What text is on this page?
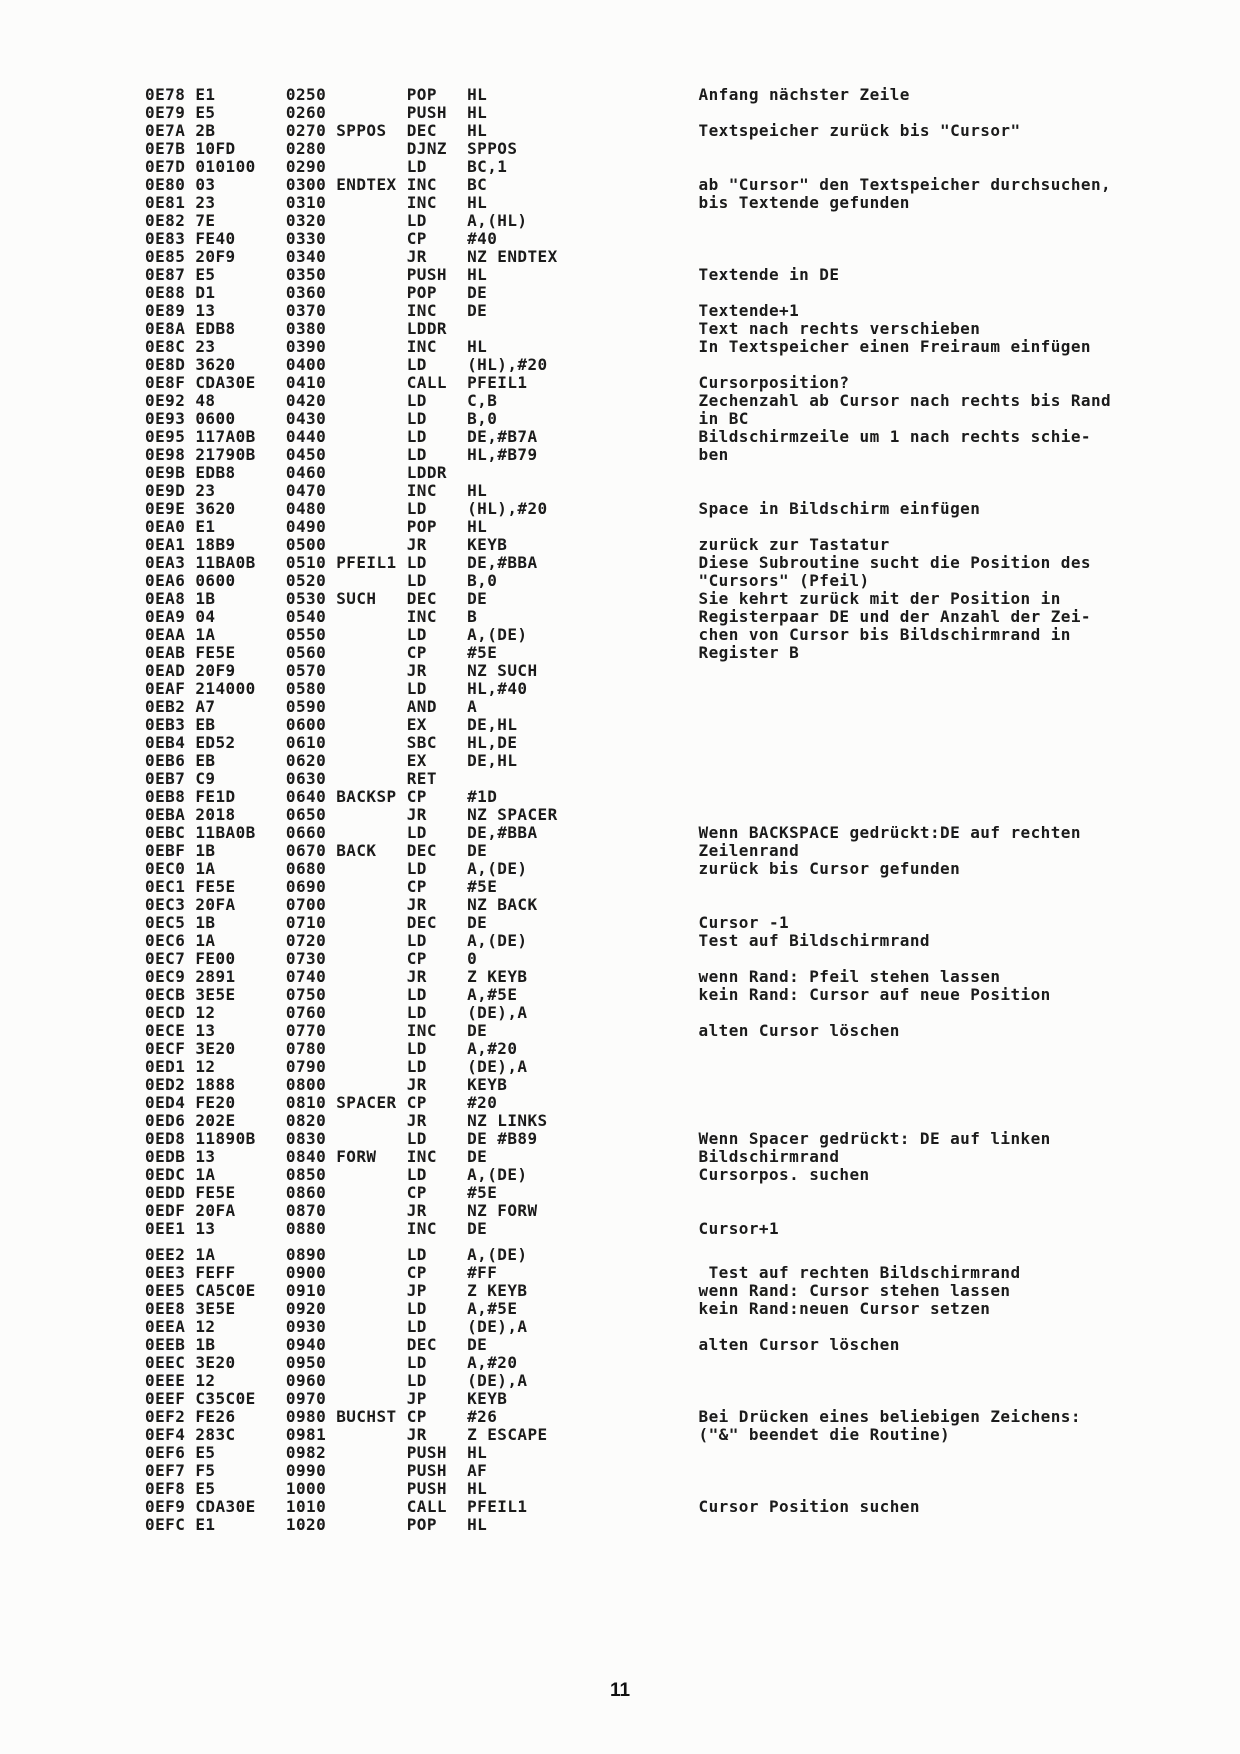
0E78 E1       0250	POP   HL                     Anfang nächster Zeile
0E79 E5       0260	PUSH  HL
0E7A 2B       0270 SPPOS  DEC   HL                     Textspeicher zurück bis "Cursor"
0E7B 10FD     0280	DJNZ  SPPOS
0E7D 010100   0290	LD    BC,1
0E80 03       0300 ENDTEX INC   BC                     ab "Cursor" den Textspeicher durchsuchen,
0E81 23       0310	INC   HL                     bis Textende gefunden
0E82 7E       0320	LD    A,(HL)
0E83 FE40     0330	CP    #40
0E85 20F9     0340	JR    NZ ENDTEX
0E87 E5       0350	PUSH  HL                     Textende in DE
0E88 D1       0360	POP   DE
0E89 13       0370	INC   DE                     Textende+1
0E8A EDB8     0380	LDDR	Text nach rechts verschieben
0E8C 23       0390	INC   HL                     In Textspeicher einen Freiraum einfügen
0E8D 3620     0400	LD    (HL),#20
0E8F CDA30E   0410	CALL  PFEIL1                 Cursorposition?
0E92 48       0420	LD    C,B                    Zechenzahl ab Cursor nach rechts bis Rand
0E93 0600     0430	LD    B,0                    in BC
0E95 117A0B   0440	LD    DE,#B7A                Bildschirmzeile um 1 nach rechts schie-
0E98 21790B   0450	LD    HL,#B79                ben
0E9B EDB8     0460	LDDR
0E9D 23       0470	INC   HL
0E9E 3620     0480	LD    (HL),#20               Space in Bildschirm einfügen
0EA0 E1       0490	POP   HL
0EA1 18B9     0500	JR    KEYB                   zurück zur Tastatur
0EA3 11BA0B   0510 PFEIL1 LD    DE,#BBA                Diese Subroutine sucht die Position des
0EA6 0600     0520	LD    B,0                    "Cursors" (Pfeil)
0EA8 1B       0530 SUCH   DEC   DE                     Sie kehrt zurück mit der Position in
0EA9 04       0540	INC   B                      Registerpaar DE und der Anzahl der Zei-
0EAA 1A       0550	LD    A,(DE)                 chen von Cursor bis Bildschirmrand in
0EAB FE5E     0560	CP    #5E                    Register B
0EAD 20F9     0570	JR    NZ SUCH
0EAF 214000   0580	LD    HL,#40
0EB2 A7       0590	AND   A
0EB3 EB       0600	EX    DE,HL
0EB4 ED52     0610	SBC   HL,DE
0EB6 EB       0620	EX    DE,HL
0EB7 C9       0630	RET
0EB8 FE1D     0640 BACKSP CP    #1D
0EBA 2018     0650	JR    NZ SPACER
0EBC 11BA0B   0660	LD    DE,#BBA                Wenn BACKSPACE gedrückt:DE auf rechten
0EBF 1B       0670 BACK   DEC   DE                     Zeilenrand
0EC0 1A       0680	LD    A,(DE)                 zurück bis Cursor gefunden
0EC1 FE5E     0690	CP    #5E
0EC3 20FA     0700	JR    NZ BACK
0EC5 1B       0710	DEC   DE                     Cursor -1
0EC6 1A       0720	LD    A,(DE)                 Test auf Bildschirmrand
0EC7 FE00     0730	CP    0
0EC9 2891     0740	JR    Z KEYB                 wenn Rand: Pfeil stehen lassen
0ECB 3E5E     0750	LD    A,#5E                  kein Rand: Cursor auf neue Position
0ECD 12       0760	LD    (DE),A
0ECE 13       0770	INC   DE                     alten Cursor löschen
0ECF 3E20     0780	LD    A,#20
0ED1 12       0790	LD    (DE),A
0ED2 1888     0800	JR    KEYB
0ED4 FE20     0810 SPACER CP    #20
0ED6 202E     0820	JR    NZ LINKS
0ED8 11890B   0830	LD    DE #B89                Wenn Spacer gedrückt: DE auf linken
0EDB 13       0840 FORW   INC   DE                     Bildschirmrand
0EDC 1A       0850	LD    A,(DE)                 Cursorpos. suchen
0EDD FE5E     0860	CP    #5E
0EDF 20FA     0870	JR    NZ FORW
0EE1 13       0880	INC   DE                     Cursor+1
0EE2 1A       0890	LD    A,(DE)
0EE3 FEFF     0900	CP    #FF                     Test auf rechten Bildschirmrand
0EE5 CA5C0E   0910	JP    Z KEYB                 wenn Rand: Cursor stehen lassen
0EE8 3E5E     0920	LD    A,#5E                  kein Rand:neuen Cursor setzen
0EEA 12       0930	LD    (DE),A
0EEB 1B       0940	DEC   DE                     alten Cursor löschen
0EEC 3E20     0950	LD    A,#20
0EEE 12       0960	LD    (DE),A
0EEF C35C0E   0970	JP    KEYB
0EF2 FE26     0980 BUCHST CP    #26                    Bei Drücken eines beliebigen Zeichens:
0EF4 283C     0981	JR    Z ESCAPE               ("&" beendet die Routine)
0EF6 E5       0982	PUSH  HL
0EF7 F5       0990	PUSH  AF
0EF8 E5       1000	PUSH  HL
0EF9 CDA30E   1010	CALL  PFEIL1                 Cursor Position suchen
0EFC E1       1020	POP   HL
11
